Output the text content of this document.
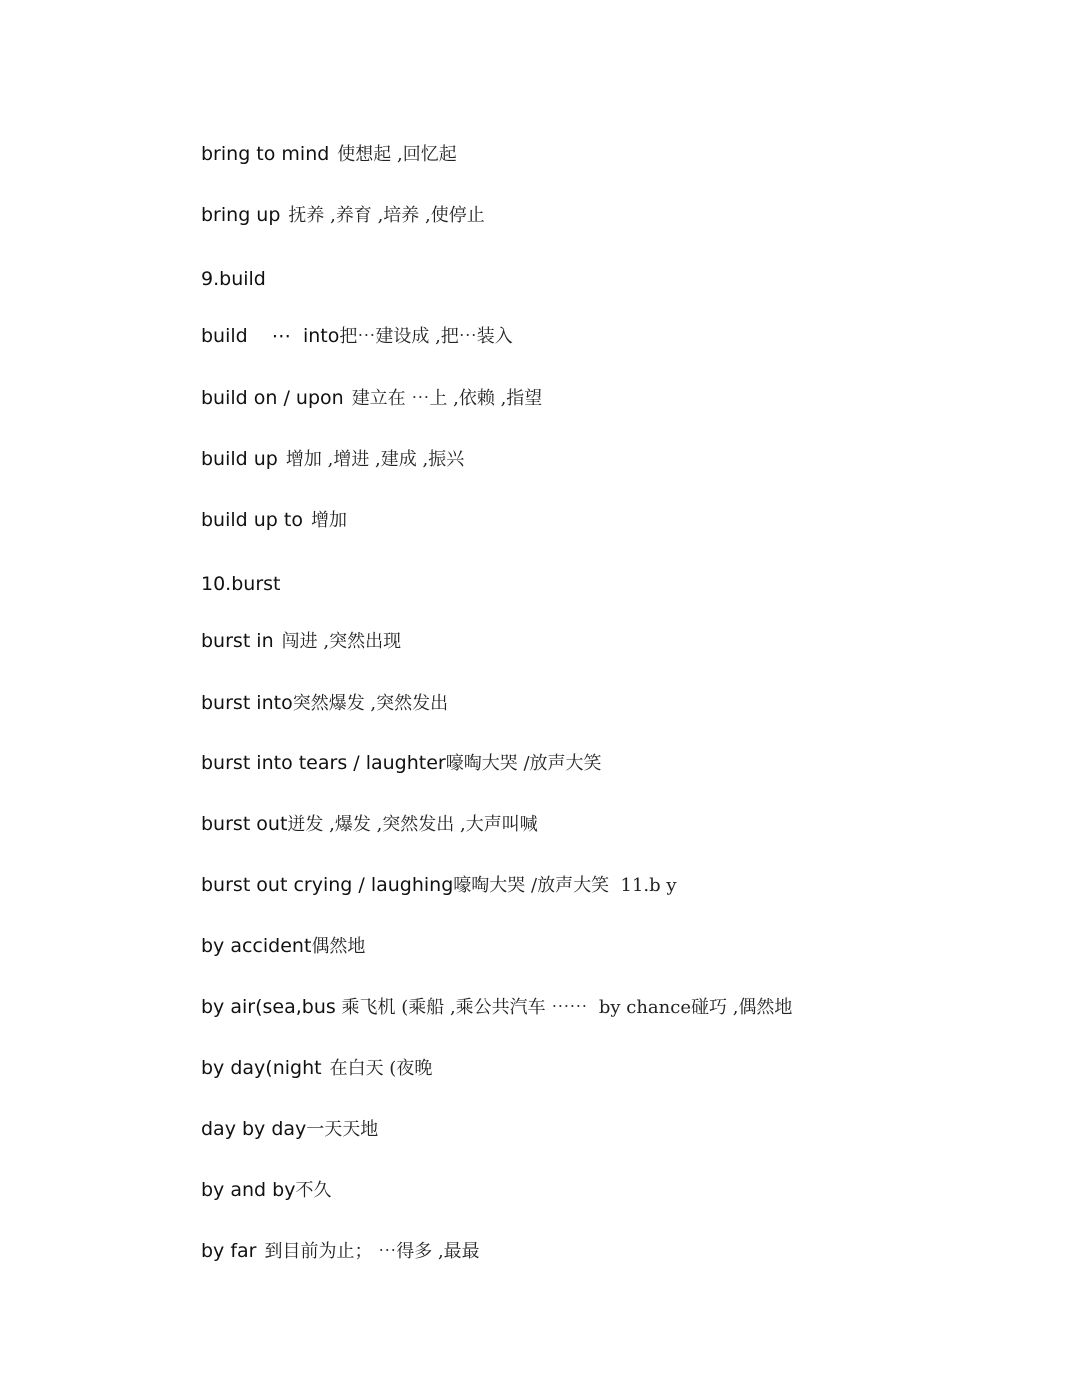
bring to mind 使想起 ,回忆起
bring up 抚养 ,养育 ,培养 ,使停止
9.build
build    ⋯  into把⋯建设成 ,把⋯装入
build on / upon 建立在 ⋯上 ,依赖 ,指望
build up 增加 ,增进 ,建成 ,振兴
build up to 增加
10.burst
burst in 闯进 ,突然出现
burst into突然爆发 ,突然发出
burst into tears / laughter嚎啕大哭 /放声大笑
burst out迸发 ,爆发 ,突然发出 ,大声叫喊
burst out crying / laughing嚎啕大哭 /放声大笑  11.b y
by accident偶然地
by air(sea,bus 乘飞机 (乘船 ,乘公共汽车 ⋯⋯  by chance碰巧 ,偶然地
by day(night 在白天 (夜晚
day by day一天天地
by and by不久
by far 到目前为止； ⋯得多 ,最最
